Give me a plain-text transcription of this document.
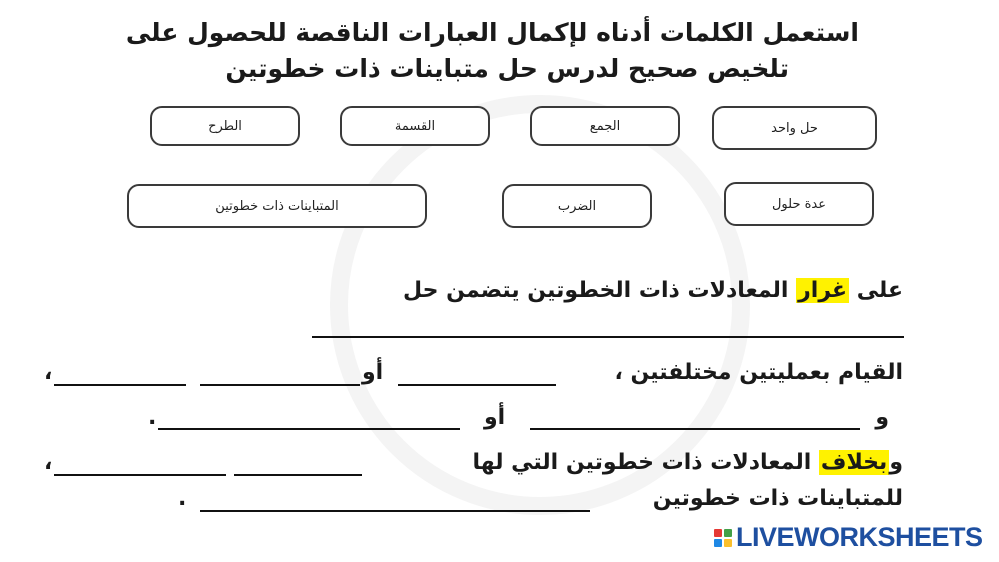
استعمل الكلمات أدناه لإكمال العبارات الناقصة للحصول على
تلخيص صحيح لدرس حل متباينات ذات خطوتين
حل واحد
الجمع
القسمة
الطرح
عدة حلول
الضرب
المتباينات ذات خطوتين
على غرار المعادلات ذات الخطوتين يتضمن حل
القيام بعمليتين مختلفتين ،
أو
،
و
أو
.
وبخلاف المعادلات ذات خطوتين التي لها
،
للمتباينات ذات خطوتين
.
LIVEWORKSHEETS
